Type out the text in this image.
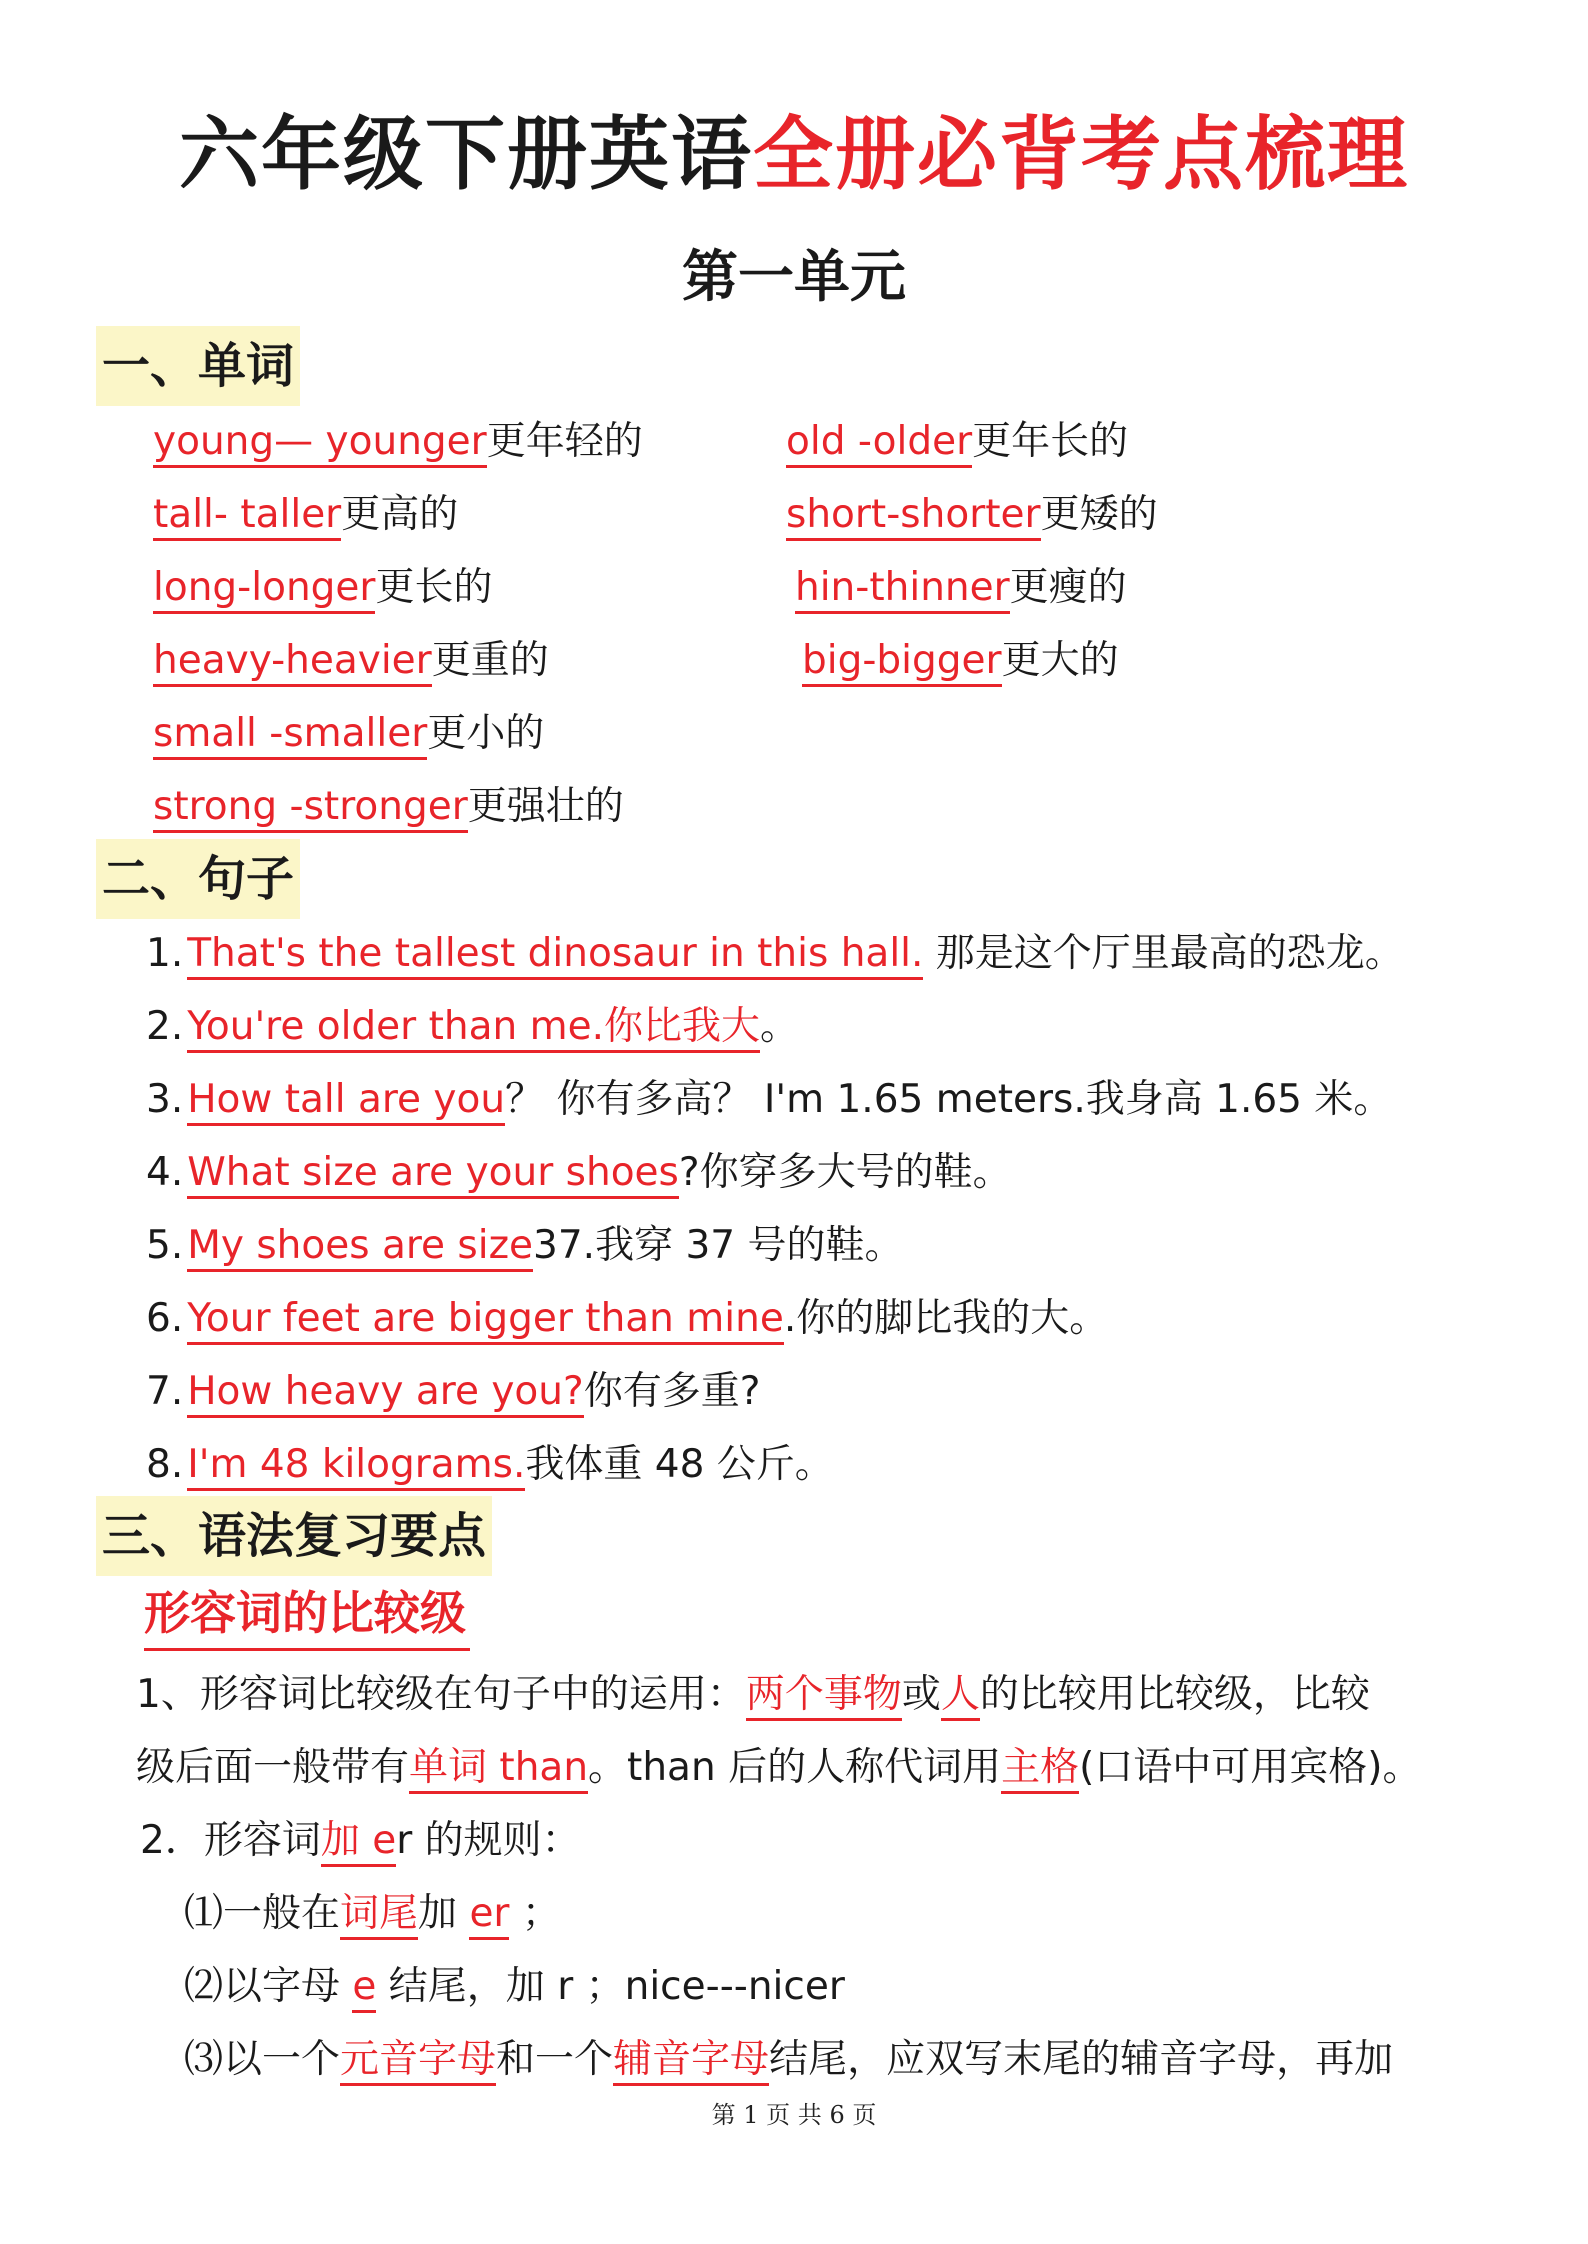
六年级下册英语全册必背考点梳理
第一单元
一、单词
young— younger更年轻的	old -older更年长的
tall- taller更高的	short-shorter更矮的
long-longer更长的	hin-thinner更瘦的
heavy-heavier更重的	big-bigger更大的
small -smaller更小的
strong -stronger更强壮的
二、句子
1. That's the tallest dinosaur in this hall. 那是这个厅里最高的恐龙。
2. You're older than me.你比我大。
3. How tall are you？ 你有多高？ I'm 1.65 meters.我身高 1.65 米。
4. What size are your shoes?你穿多大号的鞋。
5. My shoes are size37.我穿 37 号的鞋。
6. Your feet are bigger than mine.你的脚比我的大。
7. How heavy are you?你有多重?
8. I'm 48 kilograms.我体重 48 公斤。
三、语法复习要点
形容词的比较级
1、形容词比较级在句子中的运用：两个事物或人的比较用比较级，比较
级后面一般带有单词 than。than 后的人称代词用主格(口语中可用宾格)。
2．形容词加 er 的规则：
⑴一般在词尾加 er ；
⑵以字母 e 结尾，加 r ；nice---nicer
⑶以一个元音字母和一个辅音字母结尾，应双写末尾的辅音字母，再加
第 1 页 共 6 页
